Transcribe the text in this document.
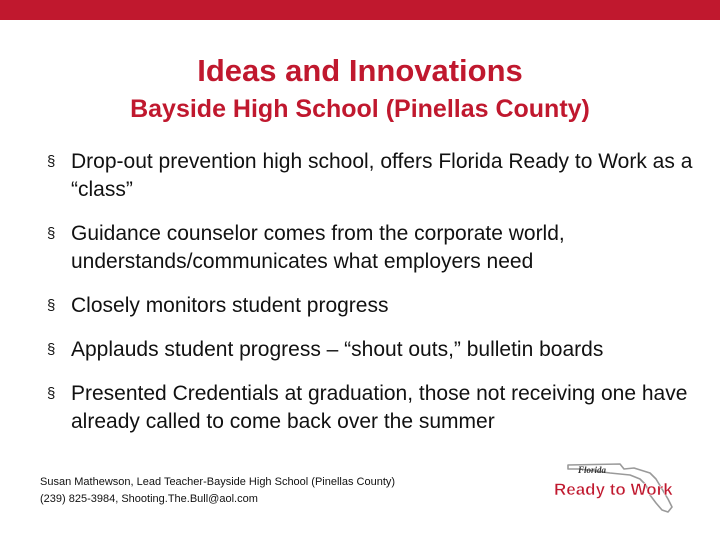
Ideas and Innovations
Bayside High School (Pinellas County)
§ Drop-out prevention high school, offers Florida Ready to Work as a “class”
§ Guidance counselor comes from the corporate world, understands/communicates what employers need
§ Closely monitors student progress
§ Applauds student progress – “shout outs,” bulletin boards
§ Presented Credentials at graduation, those not receiving one have already called to come back over the summer
Susan Mathewson, Lead Teacher-Bayside High School (Pinellas County)
(239) 825-3984, Shooting.The.Bull@aol.com
Florida
Ready to Work
